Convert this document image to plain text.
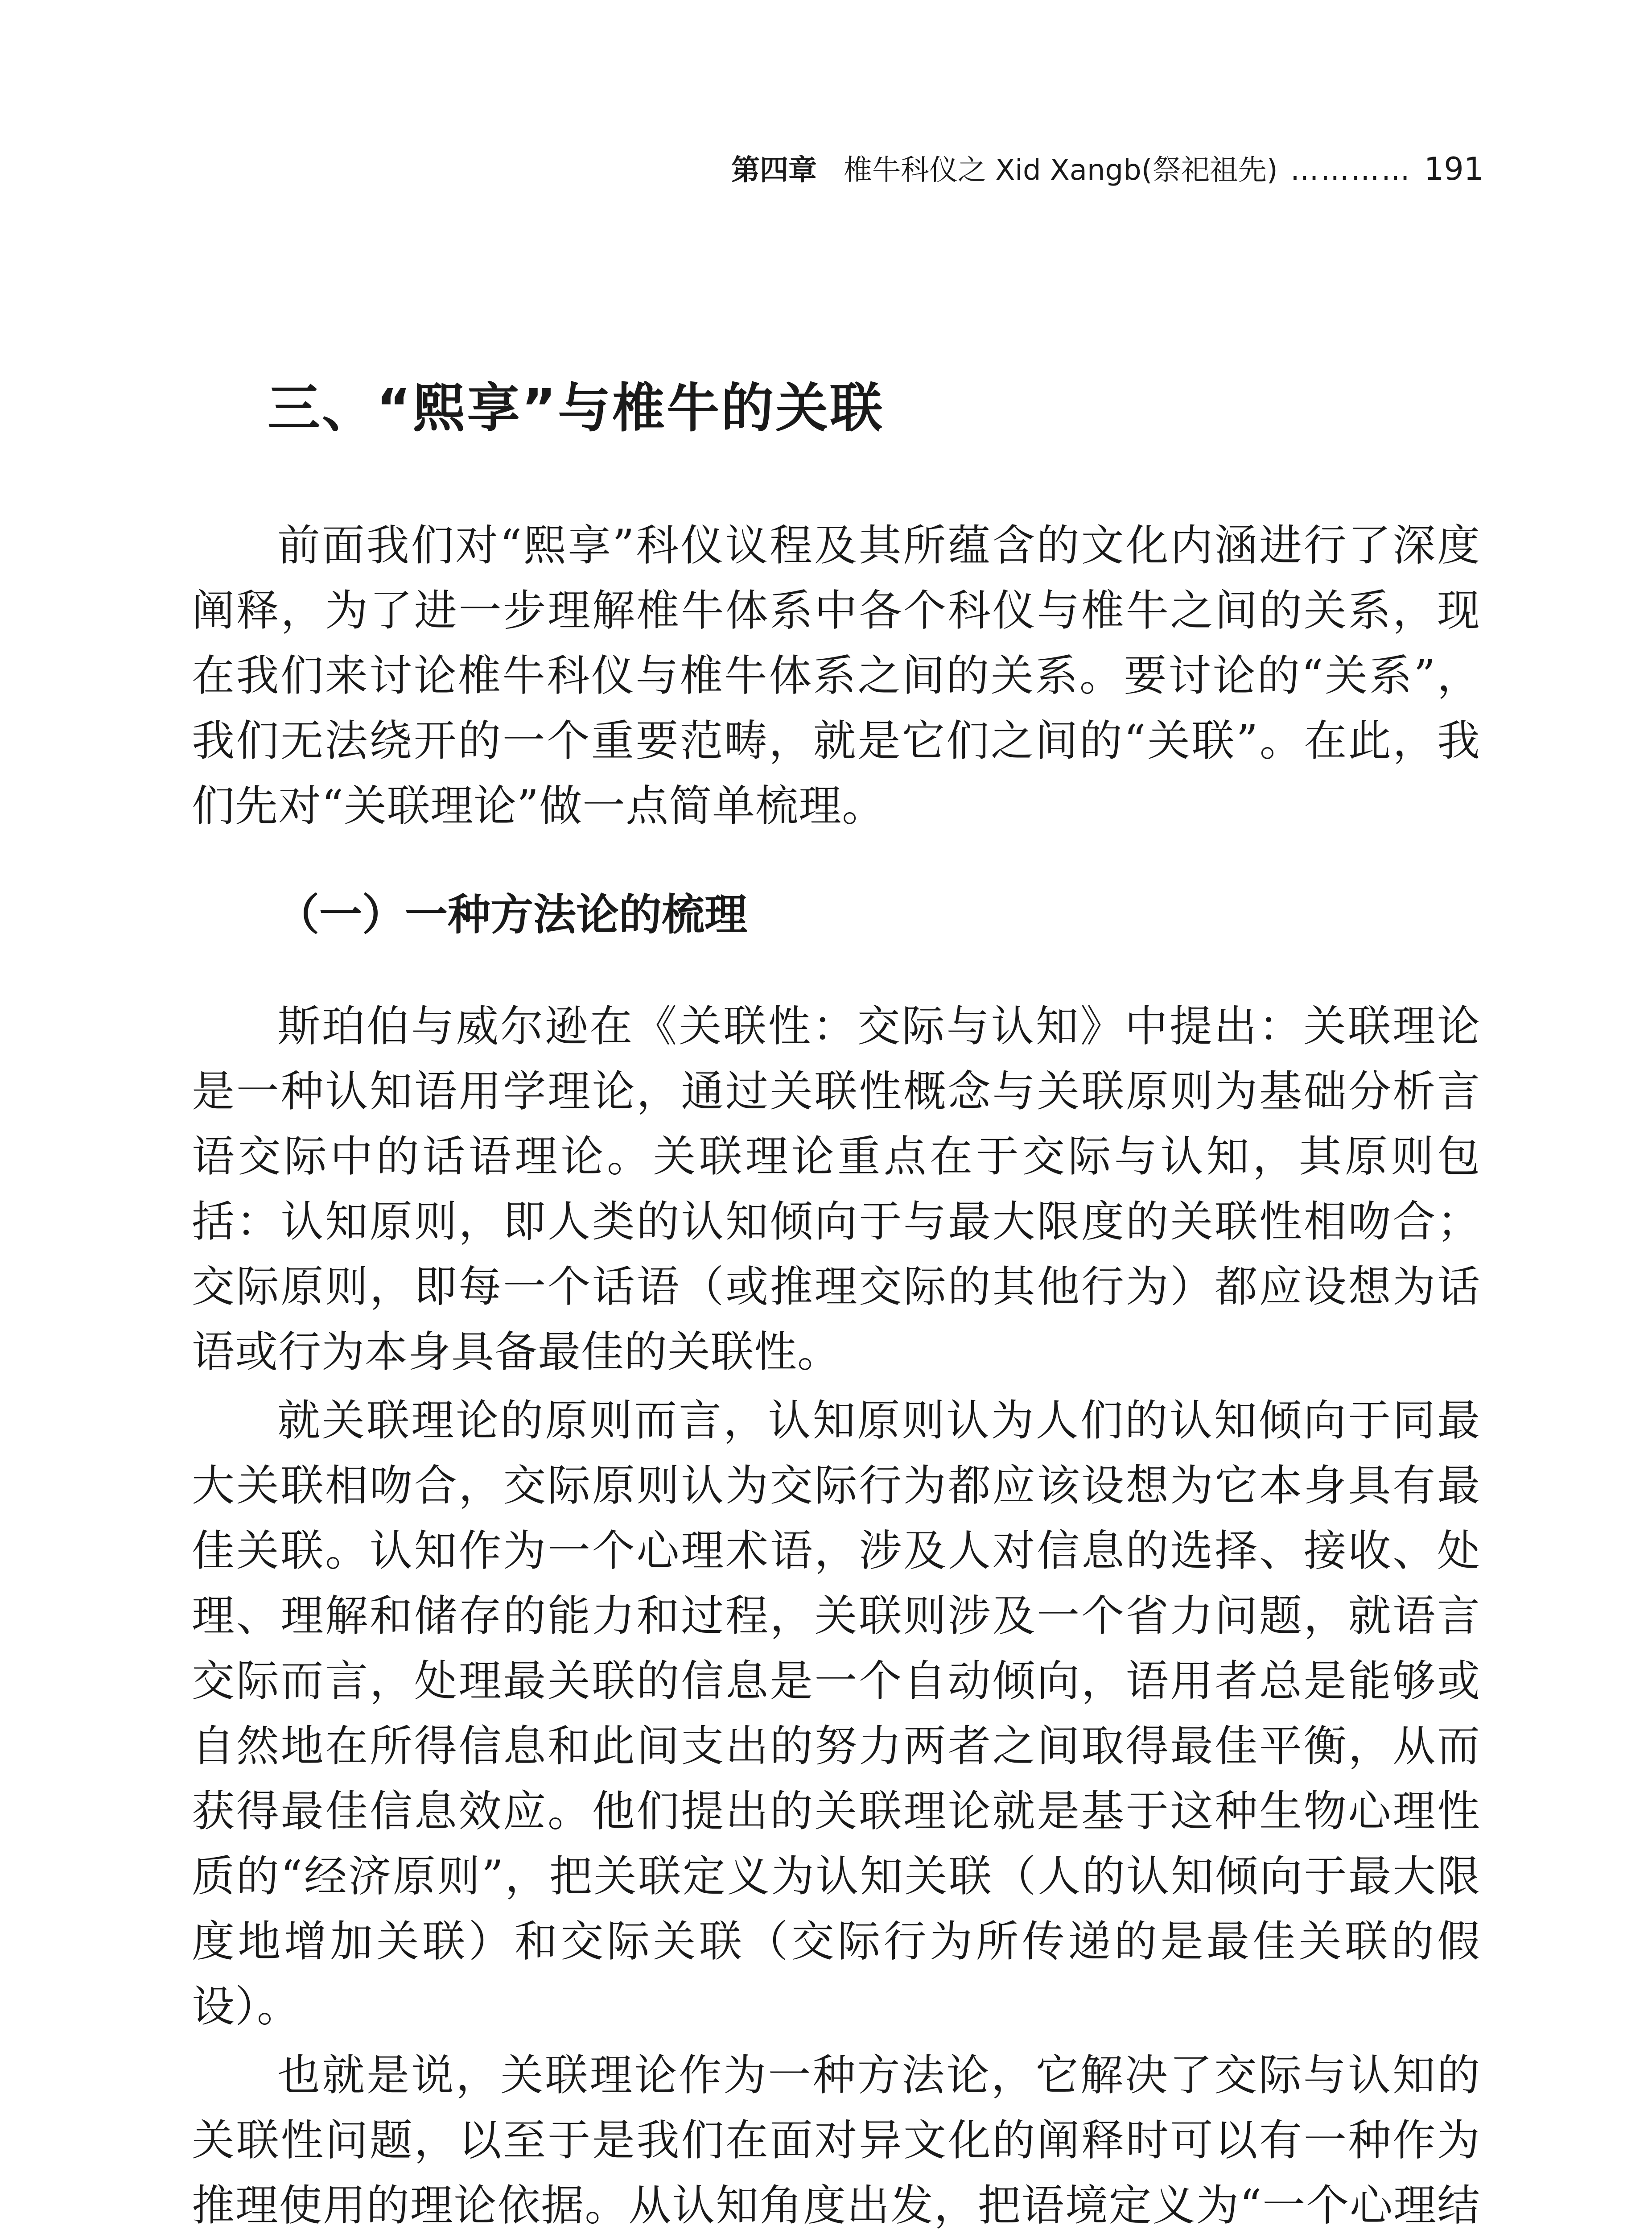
第四章 椎牛科仪之 Xid Xangb(祭祀祖先) ………… 191
三、“熙享”与椎牛的关联

前面我们对“熙享”科仪议程及其所蕴含的文化内涵进行了深度阐释，为了进一步理解椎牛体系中各个科仪与椎牛之间的关系，现在我们来讨论椎牛科仪与椎牛体系之间的关系。要讨论的“关系”，我们无法绕开的一个重要范畴，就是它们之间的“关联”。在此，我们先对“关联理论”做一点简单梳理。

（一）一种方法论的梳理

斯珀伯与威尔逊在《关联性：交际与认知》中提出：关联理论是一种认知语用学理论，通过关联性概念与关联原则为基础分析言语交际中的话语理论。关联理论重点在于交际与认知，其原则包括：认知原则，即人类的认知倾向于与最大限度的关联性相吻合；交际原则，即每一个话语（或推理交际的其他行为）都应设想为话语或行为本身具备最佳的关联性。

就关联理论的原则而言，认知原则认为人们的认知倾向于同最大关联相吻合，交际原则认为交际行为都应该设想为它本身具有最佳关联。认知作为一个心理术语，涉及人对信息的选择、接收、处理、理解和储存的能力和过程，关联则涉及一个省力问题，就语言交际而言，处理最关联的信息是一个自动倾向，语用者总是能够或自然地在所得信息和此间支出的努力两者之间取得最佳平衡，从而获得最佳信息效应。他们提出的关联理论就是基于这种生物心理性质的“经济原则”，把关联定义为认知关联（人的认知倾向于最大限度地增加关联）和交际关联（交际行为所传递的是最佳关联的假设）。

也就是说，关联理论作为一种方法论，它解决了交际与认知的关联性问题，以至于是我们在面对异文化的阐释时可以有一种作为推理使用的理论依据。从认知角度出发，把语境定义为“一个心理结
